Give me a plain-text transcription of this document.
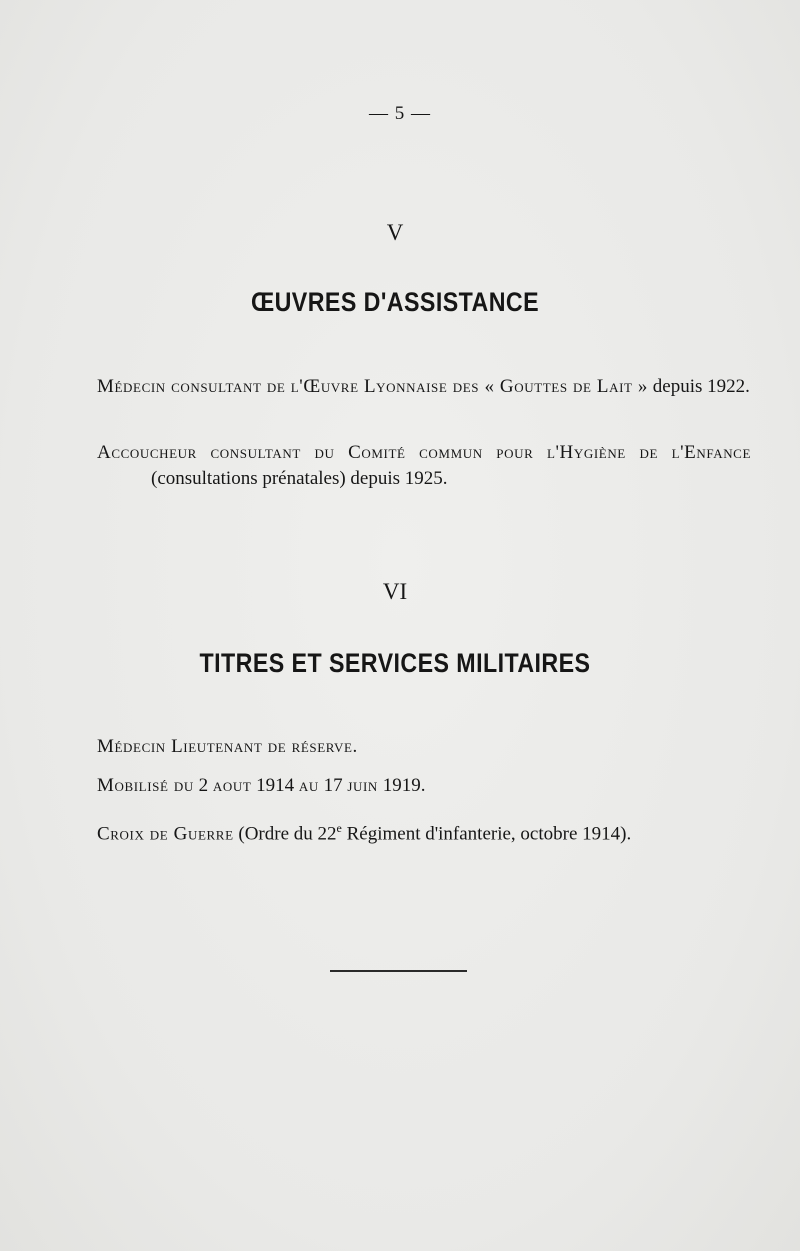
— 5 —
V
ŒUVRES D'ASSISTANCE
Médecin consultant de l'Œuvre Lyonnaise des « Gouttes de Lait » depuis 1922.
Accoucheur consultant du Comité commun pour l'Hygiène de l'Enfance (consultations prénatales) depuis 1925.
VI
TITRES ET SERVICES MILITAIRES
Médecin Lieutenant de réserve.
Mobilisé du 2 aout 1914 au 17 juin 1919.
Croix de Guerre (Ordre du 22e Régiment d'infanterie, octobre 1914).
